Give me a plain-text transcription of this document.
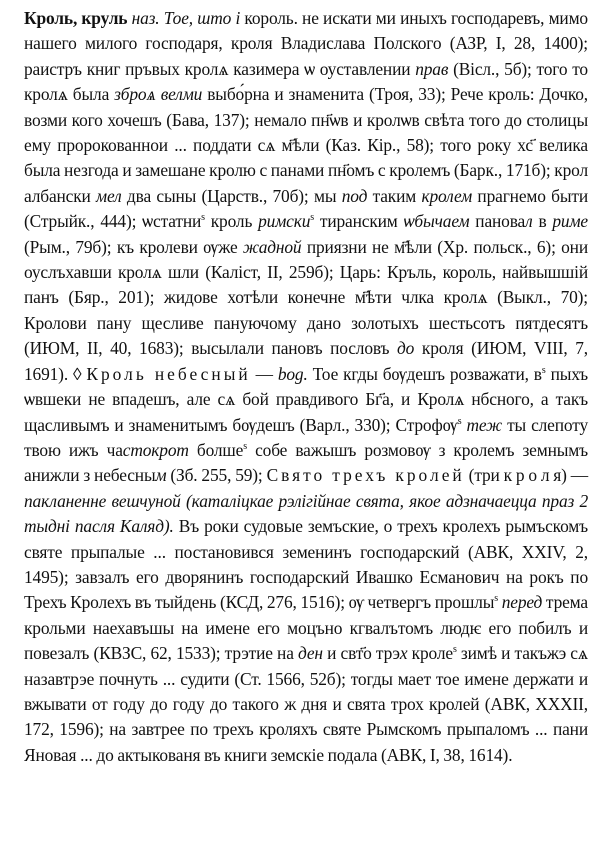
Кроль, круль наз. Тое, што і король. не искати ми иныхъ господаревъ, мимо нашего милого господаря, кроля Владислава Полского (АЗР, I, 28, 1400); раистръ книг пръвых кролѧ казимера ѡ оуставлении прав (Вісл., 5б); того то кролѧ была зброѧ велми выбо́рна и знаменита (Троя, 33); Рече кроль: Дочко, возми кого хочешъ (Бава, 137); немало пн҃ѡв и кролѡв свѣта того до столицы ему пророкованнои ... поддати сѧ м҃ѣли (Каз. Кір., 58); того року хс҃ велика была незгода и замешане кролю с панами пн҃омъ с кролемъ (Барк., 171б); крол албански мел два сыны (Царств., 70б); мы под таким кролем прагнемо быти (Стрыйк., 444); ѡстатни$^s$ кроль римски$^s$ тиранским ѡбычаем пановал в риме (Рым., 79б); къ кролеви ѹже жадной приязни не м҃ѣли (Хр. польск., 6); они оуслъхавши кролѧ шли (Каліст, II, 259б); Царь: Кръль, король, найвышшій панъ (Бяр., 201); жидове хотѣли конечне м҃ѣти члка кролѧ (Выкл., 70); Кролови пану щесливе пануючому дано золотыхъ шестьсотъ пятдесятъ (ИЮМ, II, 40, 1683); высылали пановъ пословъ до кроля (ИЮМ, VIII, 7, 1691). ◊ Кроль небесный — bog. Тое кгды бѹдешъ розважати, $в^s$ пыхъ ѡвшеки не впадешъ, але сѧ бой правдивого Бг҃а, и Кролѧ нбсного, а такъ щасливымъ и знаменитымъ бѹдешъ (Варл., 330); Строфѹ$^s$ теж ты слепоту твою ижъ частокрот болше$^s$ собе важышъ розмовѹ з кролемъ земнымъ анижли з небесным (Зб. 255, 59); Свято трехъ кролей (три к р о л я) — пакланенне вешчуной (каталіцкае рэлігійнае свята, якое адзначаецца праз 2 тыдні пасля Каляд). Въ роки судовые земъские, о трехъ кролехъ рымъскомъ святе прыпалые ... постановився земенинъ господарский (АВК, XXIV, 2, 1495); завзалъ его дворянинъ господарский Ивашко Есманович на рокъ по Трехъ Кролехъ въ тыйдень (КСД, 276, 1516); ѹ четвергъ прошлы$^s$ перед трема крольми наехавъшы на имене его моцъно кгвалътомъ людѥ его побилъ и повезалъ (КВЗС, 62, 1533); трэтие на ден и свт҃о трэх кроле$^s$ зимѣ и такъжэ сѧ назавтрэе почнуть ... судити (Ст. 1566, 52б); тогды мает тое имене держати и вжывати от году до году до такого ж дня и свята трох кролей (АВК, XXXII, 172, 1596); на завтрее по трехъ кроляхъ святе Рымскомъ прыпаломъ ... пани Яновая ... до актыкованя въ книги земскіе подала (АВК, I, 38, 1614).
